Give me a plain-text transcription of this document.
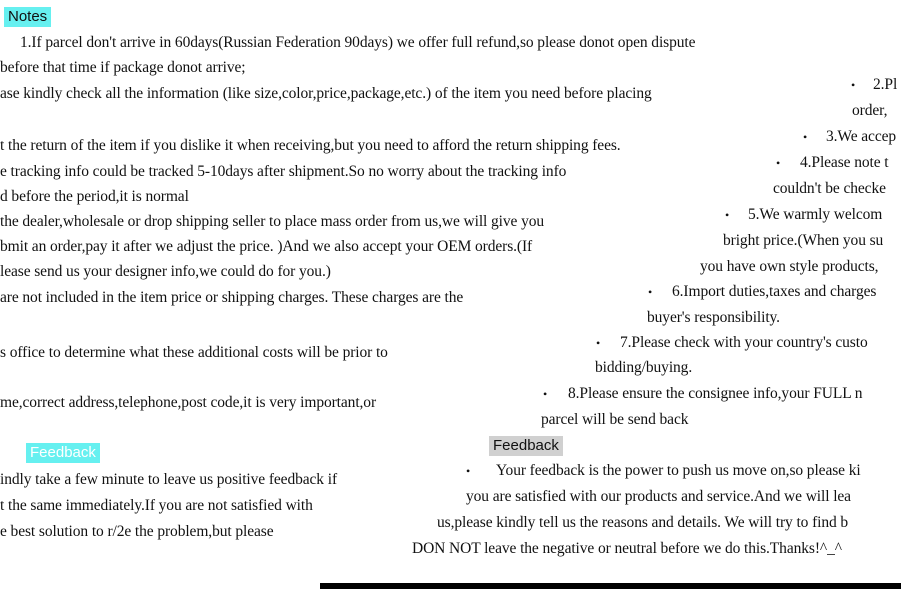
Notes
1.If parcel don't arrive in 60days(Russian Federation 90days) we offer full refund,so please donot open dispute
before that time if package donot arrive;
ase kindly check all the information (like size,color,price,package,etc.) of the item you need before placing
t the return of the item if you dislike it when receiving,but you need to afford the return shipping fees.
e tracking info could be tracked 5-10days after shipment.So no worry about the tracking info
d before the period,it is normal
the dealer,wholesale or drop shipping seller to place mass order from us,we will give you
bmit an order,pay it after we adjust the price. )And we also accept your OEM orders.(If
lease send us your designer info,we could do for you.)
are not included in the item price or shipping charges. These charges are the
s office to determine what these additional costs will be prior to
me,correct address,telephone,post code,it is very important,or
Feedback
indly take a few minute to leave us positive feedback if
t the same immediately.If you are not satisfied with
e best solution to r/2e the problem,but please
• 2.Pl
order,
• 3.We accep
• 4.Please note t
couldn't be checke
• 5.We warmly welcom
bright price.(When you su
you have own style products,
• 6.Import duties,taxes and charges
buyer's responsibility.
• 7.Please check with your country's custo
bidding/buying.
• 8.Please ensure the consignee info,your FULL n
parcel will be send back
Feedback
• Your feedback is the power to push us move on,so please ki
you are satisfied with our products and service.And we will lea
us,please kindly tell us the reasons and details. We will try to find b
DON NOT leave the negative or neutral before we do this.Thanks!^_^
